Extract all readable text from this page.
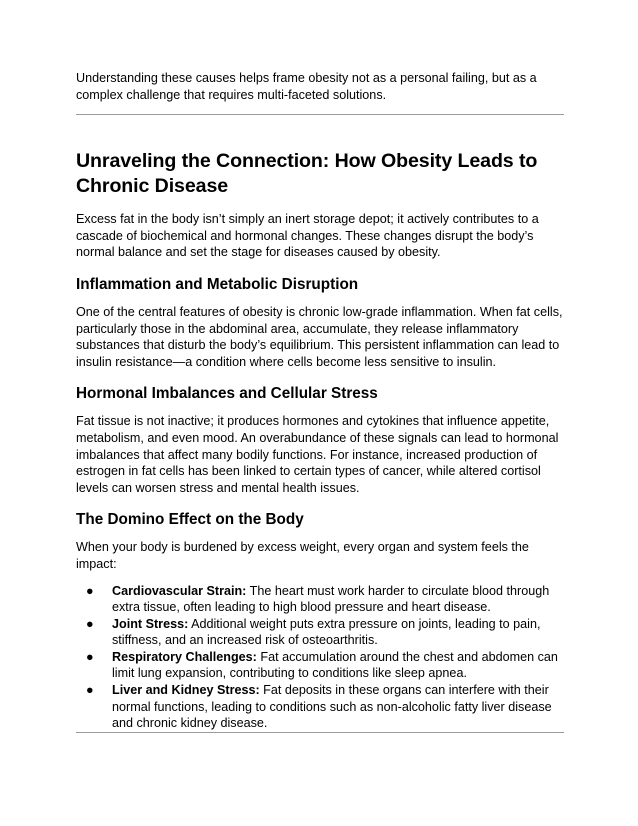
Understanding these causes helps frame obesity not as a personal failing, but as a complex challenge that requires multi-faceted solutions.

Unraveling the Connection: How Obesity Leads to Chronic Disease

Excess fat in the body isn’t simply an inert storage depot; it actively contributes to a cascade of biochemical and hormonal changes. These changes disrupt the body’s normal balance and set the stage for diseases caused by obesity.

Inflammation and Metabolic Disruption

One of the central features of obesity is chronic low-grade inflammation. When fat cells, particularly those in the abdominal area, accumulate, they release inflammatory substances that disturb the body’s equilibrium. This persistent inflammation can lead to insulin resistance—a condition where cells become less sensitive to insulin.

Hormonal Imbalances and Cellular Stress

Fat tissue is not inactive; it produces hormones and cytokines that influence appetite, metabolism, and even mood. An overabundance of these signals can lead to hormonal imbalances that affect many bodily functions. For instance, increased production of estrogen in fat cells has been linked to certain types of cancer, while altered cortisol levels can worsen stress and mental health issues.

The Domino Effect on the Body

When your body is burdened by excess weight, every organ and system feels the impact:

● Cardiovascular Strain: The heart must work harder to circulate blood through extra tissue, often leading to high blood pressure and heart disease.
● Joint Stress: Additional weight puts extra pressure on joints, leading to pain, stiffness, and an increased risk of osteoarthritis.
● Respiratory Challenges: Fat accumulation around the chest and abdomen can limit lung expansion, contributing to conditions like sleep apnea.
● Liver and Kidney Stress: Fat deposits in these organs can interfere with their normal functions, leading to conditions such as non-alcoholic fatty liver disease and chronic kidney disease.
